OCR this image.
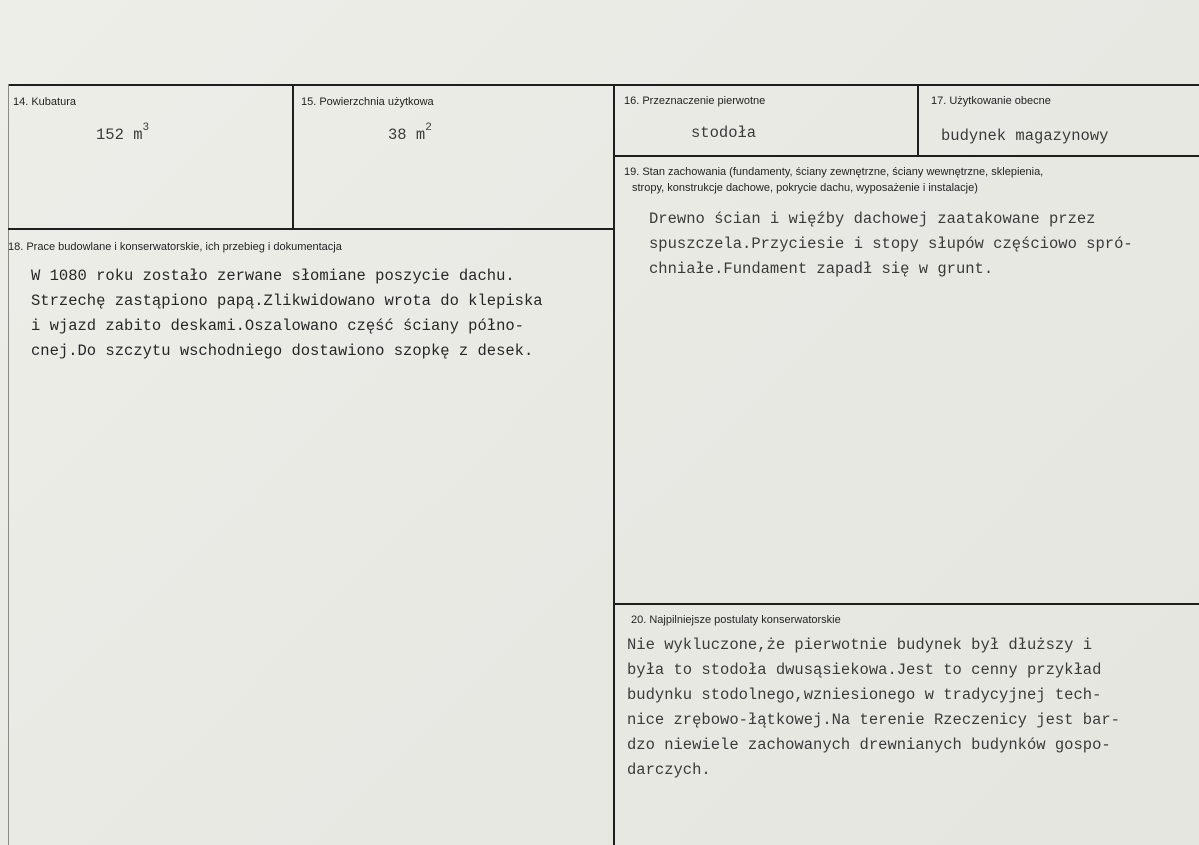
14. Kubatura
152 $m^3$
15. Powierzchnia użytkowa
38 $m^2$
16. Przeznaczenie pierwotne
stodoła
17. Użytkowanie obecne
budynek magazynowy
18. Prace budowlane i konserwatorskie, ich przebieg i dokumentacja
W 1080 roku zostało zerwane słomiane poszycie dachu.
Strzechę zastąpiono papą.Zlikwidowano wrota do klepiska
i wjazd zabito deskami.Oszalowano część ściany półno-
cnej.Do szczytu wschodniego dostawiono szopkę z desek.
19. Stan zachowania (fundamenty, ściany zewnętrzne, ściany wewnętrzne, sklepienia,
stropy, konstrukcje dachowe, pokrycie dachu, wyposażenie i instalacje)
Drewno ścian i więźby dachowej zaatakowane przez
spuszczela.Przyciesie i stopy słupów częściowo spró-
chniałe.Fundament zapadł się w grunt.
20. Najpilniejsze postulaty konserwatorskie
Nie wykluczone,że pierwotnie budynek był dłuższy i
była to stodoła dwusąsiekowa.Jest to cenny przykład
budynku stodolnego,wzniesionego w tradycyjnej tech-
nice zrębowo-łątkowej.Na terenie Rzeczenicy jest bar-
dzo niewiele zachowanych drewnianych budynków gospo-
darczych.
